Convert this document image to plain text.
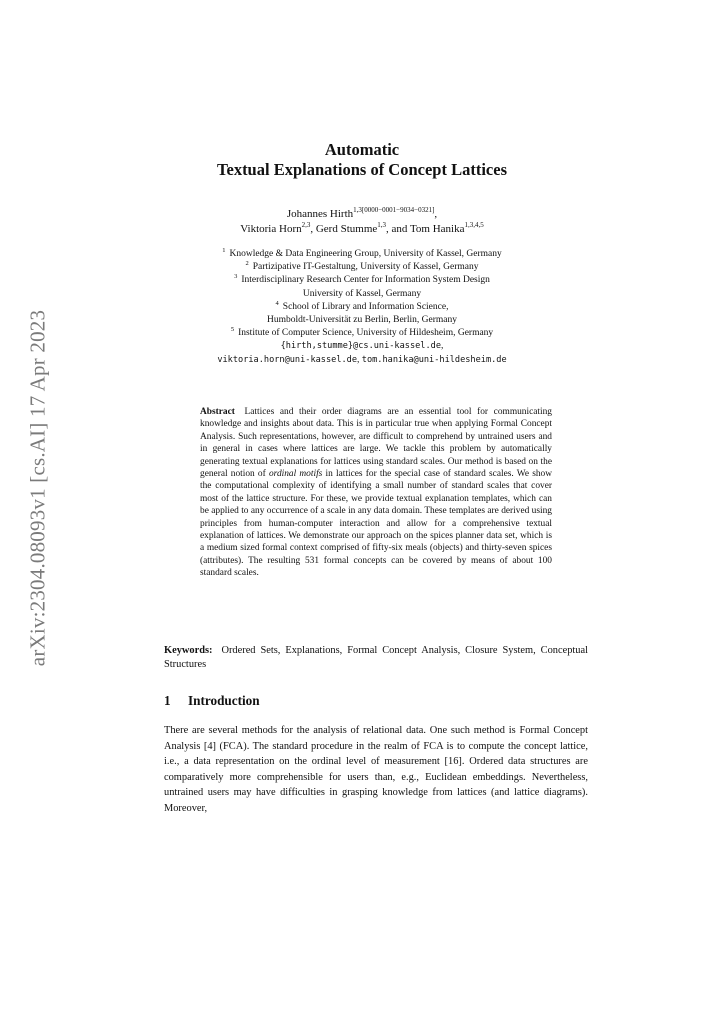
arXiv:2304.08093v1 [cs.AI] 17 Apr 2023
Automatic
Textual Explanations of Concept Lattices
Johannes Hirth$^{1,3[0000-0001-9034-0321]}$,
Viktoria Horn$^{2,3}$, Gerd Stumme$^{1,3}$, and Tom Hanika$^{1,3,4,5}$
$^1$ Knowledge & Data Engineering Group, University of Kassel, Germany
$^2$ Partizipative IT-Gestaltung, University of Kassel, Germany
$^3$ Interdisciplinary Research Center for Information System Design
University of Kassel, Germany
$^4$ School of Library and Information Science,
Humboldt-Universität zu Berlin, Berlin, Germany
$^5$ Institute of Computer Science, University of Hildesheim, Germany
{hirth,stumme}@cs.uni-kassel.de,
viktoria.horn@uni-kassel.de, tom.hanika@uni-hildesheim.de
Abstract Lattices and their order diagrams are an essential tool for communicating knowledge and insights about data. This is in particular true when applying Formal Concept Analysis. Such representations, however, are difficult to comprehend by untrained users and in general in cases where lattices are large. We tackle this problem by automatically generating textual explanations for lattices using standard scales. Our method is based on the general notion of ordinal motifs in lattices for the special case of standard scales. We show the computational complexity of identifying a small number of standard scales that cover most of the lattice structure. For these, we provide textual explanation templates, which can be applied to any occurrence of a scale in any data domain. These templates are derived using principles from human-computer interaction and allow for a comprehensive textual explanation of lattices. We demonstrate our approach on the spices planner data set, which is a medium sized formal context comprised of fifty-six meals (objects) and thirty-seven spices (attributes). The resulting 531 formal concepts can be covered by means of about 100 standard scales.
Keywords: Ordered Sets, Explanations, Formal Concept Analysis, Closure System, Conceptual Structures
1 Introduction
There are several methods for the analysis of relational data. One such method is Formal Concept Analysis [4] (FCA). The standard procedure in the realm of FCA is to compute the concept lattice, i.e., a data representation on the ordinal level of measurement [16]. Ordered data structures are comparatively more comprehensible for users than, e.g., Euclidean embeddings. Nevertheless, untrained users may have difficulties in grasping knowledge from lattices (and lattice diagrams). Moreover,
